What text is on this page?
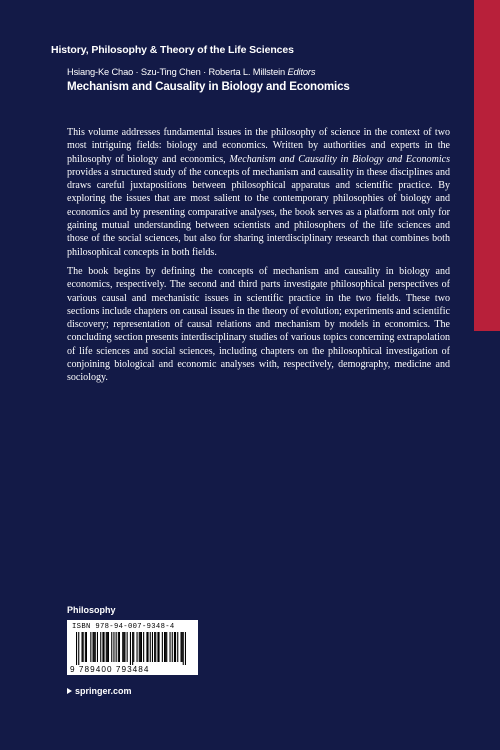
History, Philosophy & Theory of the Life Sciences
Hsiang-Ke Chao · Szu-Ting Chen · Roberta L. Millstein Editors
Mechanism and Causality in Biology and Economics

This volume addresses fundamental issues in the philosophy of science in the context of two most intriguing fields: biology and economics. Written by authorities and experts in the philosophy of biology and economics, Mechanism and Causality in Biology and Economics provides a structured study of the concepts of mechanism and causality in these disciplines and draws careful juxtapositions between philosophical apparatus and scientific practice. By exploring the issues that are most salient to the contemporary philosophies of biology and economics and by presenting comparative analyses, the book serves as a platform not only for gaining mutual understanding between scientists and philosophers of the life sciences and those of the social sciences, but also for sharing interdisciplinary research that combines both philosophical concepts in both fields.

The book begins by defining the concepts of mechanism and causality in biology and economics, respectively. The second and third parts investigate philosophical perspectives of various causal and mechanistic issues in scientific practice in the two fields. These two sections include chapters on causal issues in the theory of evolution; experiments and scientific discovery; representation of causal relations and mechanism by models in economics. The concluding section presents interdisciplinary studies of various topics concerning extrapolation of life sciences and social sciences, including chapters on the philosophical investigation of conjoining biological and economic analyses with, respectively, demography, medicine and sociology.

Philosophy
ISBN 978-94-007-9348-4
9 789400 793484
springer.com
